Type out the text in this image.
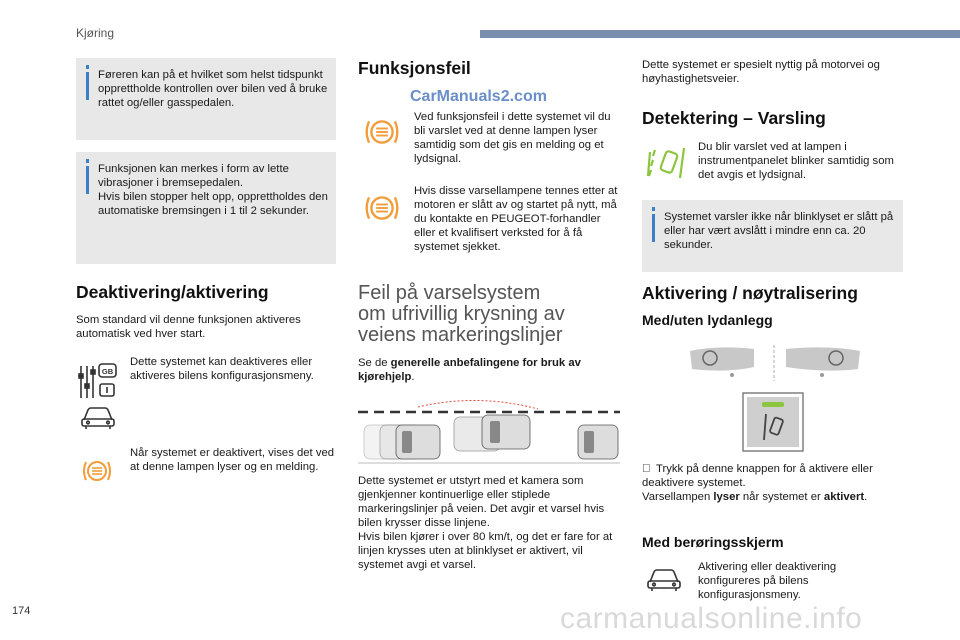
Kjøring
174	carmanualsonline.info

Føreren kan på et hvilket som helst tidspunkt opprettholde kontrollen over bilen ved å bruke rattet og/eller gasspedalen.

Funksjonen kan merkes i form av lette vibrasjoner i bremsepedalen.
Hvis bilen stopper helt opp, opprettholdes den automatiske bremsingen i 1 til 2 sekunder.

Deaktivering/aktivering

Som standard vil denne funksjonen aktiveres automatisk ved hver start.

GB

Dette systemet kan deaktiveres eller aktiveres bilens konfigurasjonsmeny.

Når systemet er deaktivert, vises det ved at denne lampen lyser og en melding.

Funksjonsfeil
CarManuals2.com

Ved funksjonsfeil i dette systemet vil du bli varslet ved at denne lampen lyser samtidig som det gis en melding og et lydsignal.

Hvis disse varsellampene tennes etter at motoren er slått av og startet på nytt, må du kontakte en PEUGEOT-forhandler eller et kvalifisert verksted for å få systemet sjekket.

Feil på varselsystem
om ufrivillig krysning av
veiens markeringslinjer

Se de generelle anbefalingene for bruk av kjørehjelp.

Dette systemet er utstyrt med et kamera som gjenkjenner kontinuerlige eller stiplede markeringslinjer på veien. Det avgir et varsel hvis bilen krysser disse linjene.
Hvis bilen kjører i over 80 km/t, og det er fare for at linjen krysses uten at blinklyset er aktivert, vil systemet avgi et varsel.

Dette systemet er spesielt nyttig på motorvei og høyhastighetsveier.

Detektering – Varsling

Du blir varslet ved at lampen i instrumentpanelet blinker samtidig som det avgis et lydsignal.

Systemet varsler ikke når blinklyset er slått på eller har vært avslått i mindre enn ca. 20 sekunder.

Aktivering / nøytralisering
Med/uten lydanlegg

Trykk på denne knappen for å aktivere eller deaktivere systemet.
Varsellampen lyser når systemet er aktivert.

Med berøringsskjerm

Aktivering eller deaktivering konfigureres på bilens konfigurasjonsmeny.
